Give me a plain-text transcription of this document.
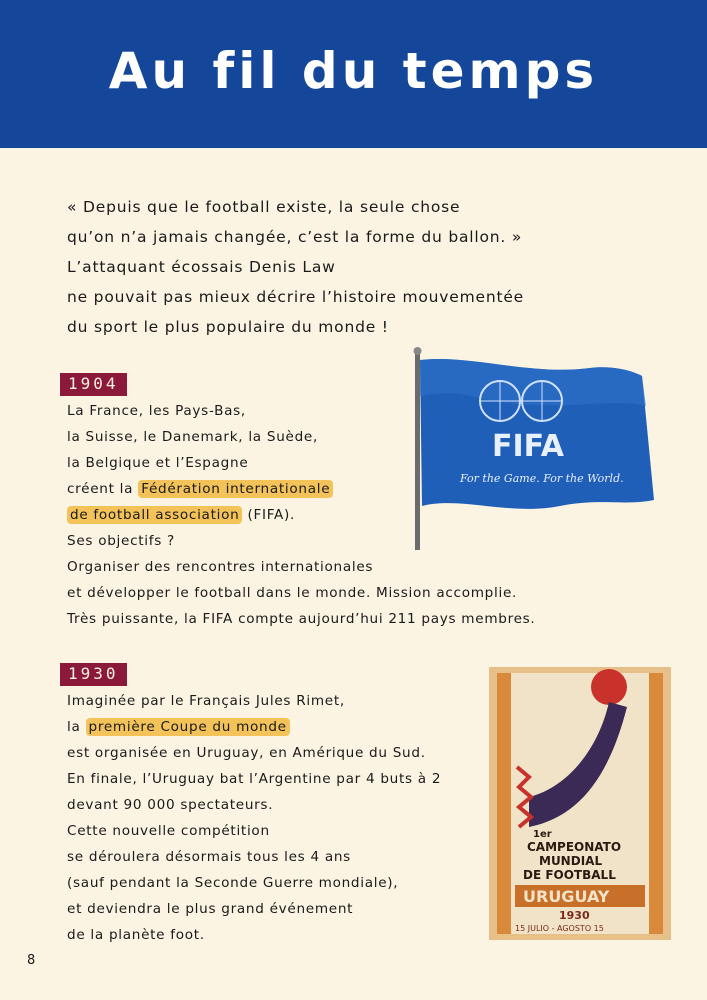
Au fil du temps

« Depuis que le football existe, la seule chose

qu’on n’a jamais changée, c’est la forme du ballon. »

L’attaquant écossais Denis Law

ne pouvait pas mieux décrire l’histoire mouvementée

du sport le plus populaire du monde !

1904

La France, les Pays-Bas,

la Suisse, le Danemark, la Suède,

la Belgique et l’Espagne

créent la Fédération internationale

de football association (FIFA).

Ses objectifs ?

Organiser des rencontres internationales

et développer le football dans le monde. Mission accomplie.

Très puissante, la FIFA compte aujourd’hui 211 pays membres.

FIFA
For the Game. For the World.
1930

Imaginée par le Français Jules Rimet,

la première Coupe du monde

est organisée en Uruguay, en Amérique du Sud.

En finale, l’Uruguay bat l’Argentine par 4 buts à 2

devant 90 000 spectateurs.

Cette nouvelle compétition

se déroulera désormais tous les 4 ans

(sauf pendant la Seconde Guerre mondiale),

et deviendra le plus grand événement

de la planète foot.

1er
CAMPEONATO
MUNDIAL
DE FOOTBALL
URUGUAY
1930
15 JULIO - AGOSTO 15
8
